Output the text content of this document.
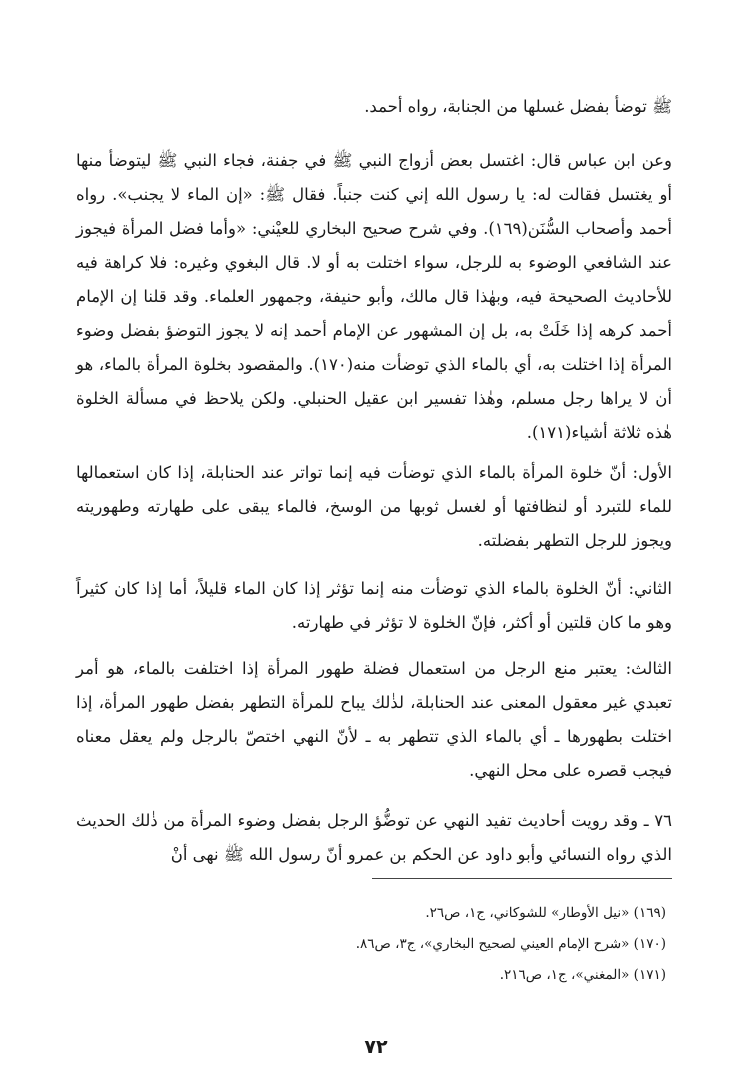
ﷺ توضأ بفضل غسلها من الجنابة، رواه أحمد.

وعن ابن عباس قال: اغتسل بعض أزواج النبي ﷺ في جفنة، فجاء النبي ﷺ ليتوضأ منها أو يغتسل فقالت له: يا رسول الله إني كنت جنباً. فقال ﷺ: «إن الماء لا يجنب». رواه أحمد وأصحاب السُّنَن(١٦٩). وفي شرح صحيح البخاري للعيْني: «وأما فضل المرأة فيجوز عند الشافعي الوضوء به للرجل، سواء اختلت به أو لا. قال البغوي وغيره: فلا كراهة فيه للأحاديث الصحيحة فيه، وبهٰذا قال مالك، وأبو حنيفة، وجمهور العلماء. وقد قلنا إن الإمام أحمد كرهه إذا خَلَتْ به، بل إن المشهور عن الإمام أحمد إنه لا يجوز التوضؤ بفضل وضوء المرأة إذا اختلت به، أي بالماء الذي توضأت منه(١٧٠). والمقصود بخلوة المرأة بالماء، هو أن لا يراها رجل مسلم، وهٰذا تفسير ابن عقيل الحنبلي. ولكن يلاحظ في مسألة الخلوة هٰذه ثلاثة أشياء(١٧١).

الأول: أنّ خلوة المرأة بالماء الذي توضأت فيه إنما تواتر عند الحنابلة، إذا كان استعمالها للماء للتبرد أو لنظافتها أو لغسل ثوبها من الوسخ، فالماء يبقى على طهارته وطهوريته ويجوز للرجل التطهر بفضلته.

الثاني: أنّ الخلوة بالماء الذي توضأت منه إنما تؤثر إذا كان الماء قليلاً، أما إذا كان كثيراً وهو ما كان قلتين أو أكثر، فإنّ الخلوة لا تؤثر في طهارته.

الثالث: يعتبر منع الرجل من استعمال فضلة طهور المرأة إذا اختلفت بالماء، هو أمر تعبدي غير معقول المعنى عند الحنابلة، لذٰلك يباح للمرأة التطهر بفضل طهور المرأة، إذا اختلت بطهورها ـ أي بالماء الذي تتطهر به ـ لأنّ النهي اختصّ بالرجل ولم يعقل معناه فيجب قصره على محل النهي.

٧٦ ـ وقد رويت أحاديث تفيد النهي عن توضُّؤ الرجل بفضل وضوء المرأة من ذٰلك الحديث الذي رواه النسائي وأبو داود عن الحكم بن عمرو أنّ رسول الله ﷺ نهى أنْ

(١٦٩) «نيل الأوطار» للشوكاني، ج١، ص٢٦.

(١٧٠) «شرح الإمام العيني لصحيح البخاري»، ج٣، ص٨٦.

(١٧١) «المغني»، ج١، ص٢١٦.

٧٢
